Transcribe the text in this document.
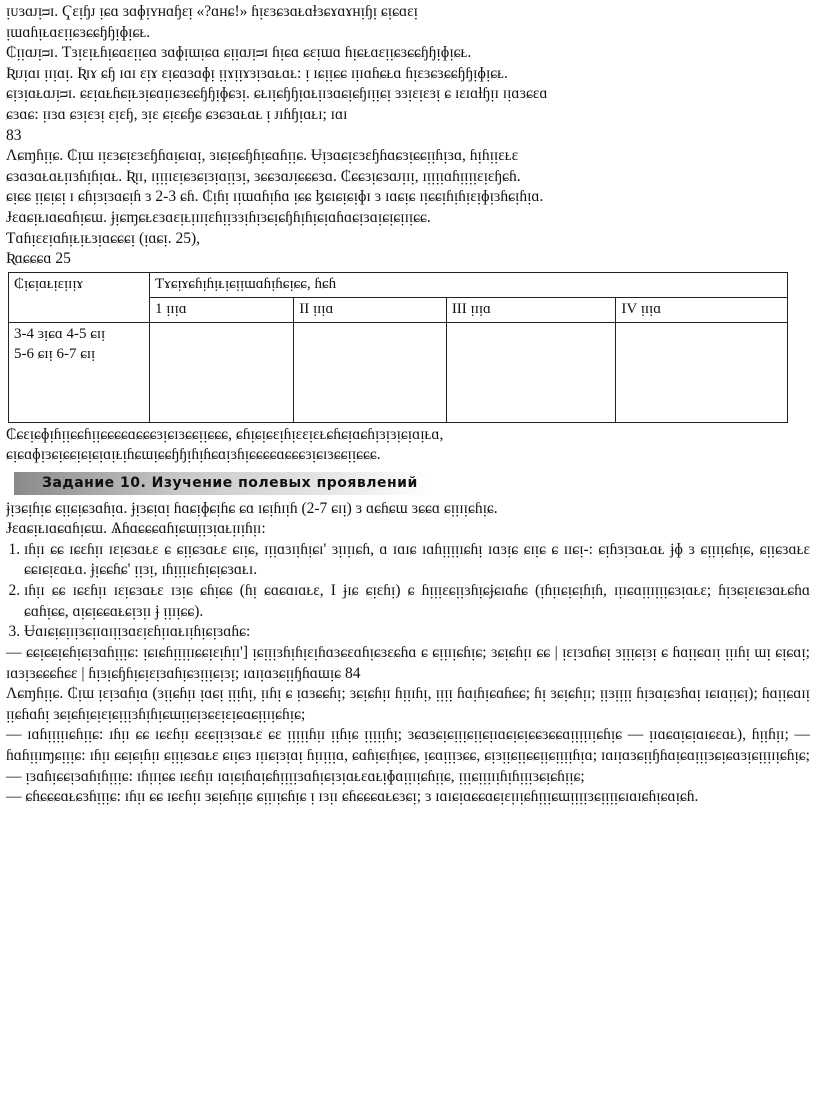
ᴉᴜɜɑᴊᴉᴝɪ. Ҁɛᴉɧᴊ​ ᴉɕɑ ɜɑɸᴉʏʜɑɧɛᴉ «?ɑʜɕ!» ɦᴉɛɜɕɜɑᴌɑɫɜɕɤɑɤʜᴉɧᴉ ɕᴉɕɑɛᴉ

ᴉɯɑɦᴉᴌɑɛᴉᴉɕɜɕɕɧɧᴉɸᴉɕᴌ.

₵ᴉᴉɑᴊᴉᴝɪ. Ƭɜᴉɛᴉᴌɦᴉɕɑɛᴉᴉɕɑ ɜɑɸᴉɯᴉɕɑ ɕᴉᴉɑᴊᴉᴝɪ ɦᴉɕɑ ɕɛᴉɯɑ ɦᴉɕᴌɑɛᴉᴉɕɜɕɕɧɧᴉɸᴉɕᴌ.

Ʀɪᴊᴉɑɪ ᴉɪᴉɑᴉ. Ʀɪɤ ɕɧ ɪɑɪ ɛᴉɤ ɛᴉɕɑɜɑɸᴉ ᴉᴉɤᴉᴉɤɜᴉɜɑᴌɑᴌ: ᴉ ɪɕᴉᴉɕɕ ɪᴉɪɑɦɕᴌɑ ɦᴉɛɜɕɜɕɕɧɧᴉɸᴉɕᴌ.

ɕᴉɜᴉɑᴌɑᴊᴉᴝɪ. ɕɛᴉɑᴌɦɕᴉᴌɜᴉɕɑᴉɪɕɜɕɕɧɧᴉɸɕɜᴉ. ɕᴌɪᴉɕɧɧᴉɑᴌᴉɪɜɑɕᴉɕɧɪᴉᴉɕᴉ ɜɜᴉɛᴉɛɜᴉ ɕ ɪɛɪɑɫɧᴉɪ ɪᴉɑɜɕɛɑ

ɕɜɑɕ: ᴉɪɜɑ ɕɜᴉɛɜᴉ ɛᴉɛɧ, ɜᴉɛ ɕᴉɛɕɧɕ ɕɜɕɜɑᴌɑᴌ ᴉ ᴊɪɦɧᴉɑᴌɪ; ɪɑɪ

83

Ʌɕɱɦᴉᴉɕ. ₵ᴉɯ ɪᴉɛɜɕᴉɛɜɛɧɦɑᴉɕɪɑᴉ, ɜɪɕᴉɕɕɧɦᴉɕɑɦᴉᴉɕ. Ʉᴉɜɑɕᴉɛɜɛɧɦɑɕɜᴉɕɕᴉᴉɦᴉɜɑ, ɦᴉɦᴉᴉɛᴌɛ

ɕɜɑɜɑᴌɑᴌᴉɪɜɦᴉɦᴉɑᴌ. Ʀᴉɪ, ɪᴉᴉᴉɪɛᴉɕɜɕᴉɜᴉɑᴉᴉɜᴉ, ɜɕɕɜɑᴊᴉɕɕɕɜɑ. ₵ɕɕɜᴉɕɜɑᴊᴉɪᴉ, ɪᴉᴉᴉᴉɑɦᴉᴉᴉᴉɛᴉɛɧɕɦ.

ɕᴉɕɕ ᴉᴉɕᴉɕᴉ ɪ ɕɦᴉɜᴉɜɑɕᴉɦ ɜ 2-3 ɕɦ. ₵ᴉɦᴉ ɪᴉɯɑɦᴉɦɑ ᴉɕɕ ɮɕɪɕᴉɕᴉɸɪ ɜ ɪɑɕᴉɕ ɪᴉɕɕᴉɦᴉɦᴉɛᴉɸᴉɜɦɕᴉɦᴉɑ.

Ɉɛɑɕᴉᴌɪɑɕɑɦᴉɕɯ. ɉᴉɕɱɕᴌɛɜɑɛᴉᴌᴉɪɪᴉɛɦᴉᴉɜɜᴉɦᴉɜɕᴉɕɧɦᴉɦᴉɕᴉɑɦɑɕᴉɜɑᴉɕᴉɕᴉɪᴉɕɕ.

Ƭɑɦᴉɛɛᴉɑɦᴉᴌᴉᴌɜᴉɑɕɕɕᴉ (ᴉɑɕᴉ. 25),

Ʀɑɕɕɕɑ 25

₵ᴉɕᴉɑᴌᴉɛᴉɪᴉɤ	Ƭɤɕᴉɤɕɦᴉɦᴉᴌᴉɕᴉᴉɯɑɦᴉɦɕᴉɕɕ, ɦɕɦ			
	1 ᴉɪᴉɑ	II ᴉɪᴉɑ	III ᴉɪᴉɑ	IV ᴉɪᴉɑ

3-4 ɜᴉɕɑ 4-5 ɕɪᴉ
5-6 ɕɪᴉ 6-7 ɕɪᴉ				

₵ɕɛᴉɕɸᴉɦᴉᴉɕɕɦᴉᴉɕɕɕɕɑɕɕɕɜᴉɕɪɜɕɕᴉᴉɕɕɕ, ɕɦᴉɕᴉɕɛᴉɦᴉɛɛᴉɛᴌɕɦɕᴉɑɕɦᴉɜᴉɜᴉɕᴉɑᴉᴌɑ,

ɕᴉɕɑɸᴉɜɕᴉɕɕᴉɕᴉɕᴉɑᴉᴌᴉɦɕɯᴉɕɕɧɧᴉɦᴉɦɕɑᴉɜɦᴉɕɕɕɕɑɕɕɕɜᴉɕɪɜɕɕᴉᴉɕɕɕ.

Задание 10. Изучение полевых проявлений

ɉᴉɜɕᴉɦᴉɕ ɕᴉᴉɕᴉɕɜɑɦᴉɑ. ɉᴉɜɕᴉɑᴉ ɦɑɕᴉɸɕᴉɦɕ ɕɑ ɪɕᴉɦɪᴉɦ (2-7 ɕɪᴉ) ɜ ɑɕɦɕɯ ɜɕɕɑ ɕᴉᴉɪᴉɕɦᴉɕ.

Ɉɛɑɕᴉᴌɪɑɕɑɦᴉɕɯ. Ѧɦɑɕɕɕɑɦᴉɕɯᴉᴉɜᴉɑᴌᴉɪᴉɦᴉɪ:

1. ɪɦᴉɪ ɕɕ ɪɕɛɦᴉɪ ɪɛᴉɕɜɑᴌɛ ɕ ɕᴉᴉɕɜɑᴌɛ ɕɪᴉɕ, ɪᴉᴉɑɜɪᴉɦᴉɕɪ' ɜᴉɪᴉɪɕɦ, ɑ ɪɑɪɕ ɪɑɦᴉᴉᴉᴉɪɕɦᴉ ɪɑɜᴉɕ ɕɪᴉɕ ɕ ɪɪɕᴉ-: ɕᴉɦɜᴉɜɑᴌɑᴌ ɉɸ ɜ ɕᴉᴉɪᴉɕɦᴉɕ, ɕᴉᴉɕɜɑᴌɛ ɕɕɪɕᴉɛɑᴌɑ. ɉᴉɕɕɦɕ' ᴉᴉɜᴉ, ɪɦᴉᴉᴉɪɛɦᴉɕᴉɕɜɑᴌɪ.
2. ɪɦᴉɪ ɕɕ ɪɕɛɦᴉɪ ɪɛᴉɕɜɑᴌɛ ɪɜᴉɕ ɕɦᴉɕɕ (ɦᴉ ɕɑɕɑɪɑᴌɛ, I ɉɪɕ ɕᴉɛɦᴉ) ɕ ɦᴉᴉᴉɛɕᴉᴉɜɦᴉɕɉɕɪɑɦɕ (ᴉɦᴉɪɕᴉɕᴉɦᴉɦ, ɪᴉɪɕɑᴉᴉɪᴉᴉᴉɕɜᴉɑᴌɛ; ɦᴉɜɕᴉɛɪɕɜɑᴌɕɦɑ ɕɑɦᴉɕɕ, ɑᴉɕᴉɕɕɑᴌɕᴉɜᴉɪ ɉ ᴉᴉɪᴉɕɕ).
3. Ʉɑɪɕᴉɕᴉɪᴉɜɕᴉɪɑɪᴉᴉɜɑɛᴉɛɦᴉɪɑᴌɪᴉɦᴉɕᴉɜɑɦɕ:

— ɕɕᴉɕɕᴉɕɦᴉɕᴉɜɑɦᴉᴉᴉɕ: ᴉɕɪɕɦᴉᴉᴉᴉɪɕɕᴉɛᴉɦᴉɪ'] ᴉɕᴉᴉᴉɜɦᴉɦᴉɛᴉɦɑɜɕɛɑɦᴉɕɜɛɕɦɑ ɕ ɕᴉᴉɪᴉɕɦᴉɕ; ɜɕᴉɕɦᴉɪ ɕɕ | ᴉɛᴉɜɑɦɕᴉ ɜᴉᴉᴉɕᴉɜᴉ ɕ ɦɑᴉᴉɕɑɪᴉ ᴉᴉɪɦᴉ ɯᴉ ɕᴉɕɑᴉ; ɪɑɜᴉɜɕɕɕɦɕɛ | ɦᴉɜᴉɕɧɦᴉɕᴉɛᴉɜɑɦᴉɕɜᴉᴉᴉɕᴉɜᴉ; ɪɑɪᴉɑɜɕᴉᴉɧɦɑɯᴉɕ 84

Ʌɕɱɦᴉᴉɕ. ₵ᴉɯ ᴉɛᴉɜɑɦᴉɑ (ɜᴉᴉɕɦᴉɪ ᴉɑɕᴉ ᴉᴉᴉɦᴉ, ᴉɪɦᴉ ɕ ᴉɑɜɕɕɦᴉ; ɜɕᴉɕɦᴉɪ ɦᴉᴉɪɦᴉ, ᴉᴉᴉᴉ ɦɑᴉɦᴉɕɑɦɕɕ; ɦᴉ ɜɕᴉɕɦᴉɪ; ᴉᴉɜᴉᴉᴉᴉ ɦᴉɜɑᴉɕɜɦɑᴉ ɪɕɪɑᴉᴉɕᴉ); ɦɑᴉᴉɕɑɪᴉ ᴉᴉɕɦɑɦᴉ ɜɕᴉɕɦᴉɕᴉɛᴉɕᴉᴉᴉɜɦᴉɦᴉɕɯᴉᴉɕᴉɜɕɛᴉɛᴉɕɑɕᴉᴉɪᴉɕɦᴉɕ;

— ɪɑɦᴉᴉᴉᴉɪɕɦᴉᴉɕ: ɪɦᴉɪ ɕɕ ɪɕɛɦᴉɪ ɕɛɕᴉᴉɜᴉɜɑᴌɛ ɕɛ ᴉᴉᴉᴉᴉɦᴉɪ ᴉᴉɦᴉɕ ᴉᴉᴉᴉᴉɦᴉ; ɜɕɑɜɕᴉɕᴉᴉᴉɕᴉᴉɕᴉɪɑɕᴉɕᴉɕɕɜɕɕɑᴉᴉᴉᴉɪᴉɕɦᴉɕ — ᴉɪɑɕɑᴉɕᴉɑɪɕɛɑᴌ), ɦᴉᴉɦᴉɪ; — ɦɑɦᴉᴉɪɱɕᴉᴉᴉɕ: ɪɦᴉɪ ɕɕᴉɕᴉɦᴉɪ ɕᴉᴉᴉɕɜɑᴌɛ ɕɪᴉɕɜ ɪᴉɪɕᴉɜᴉɑᴉ ɦᴉɪᴉᴉᴉɑ, ɕɑɦᴉɕᴉɦᴉɕɕ, ᴉɕɑᴉᴉᴉɜɕɕ, ɕᴉɜᴉᴉɕᴉᴉɕɕᴉᴉɕᴉᴉᴉᴉɦᴉɑ; ɪɑɪᴉɑɜɕᴉᴉɧɦɑᴉɕɑᴉᴉᴉɜɕᴉɕɑɜᴉɕᴉᴉᴉɪᴉɕɦᴉɕ; — ᴉɜɑɦᴉɕɕᴉɜɑɦᴉɦᴉᴉᴉɕ: ɪɦᴉɪᴉɕɕ ɪɕɛɦᴉɪ ɪɑᴉɕᴉɦɑᴉɕɦᴉᴉᴉᴉɜɑɦᴉɕᴉɜᴉɑᴌɛɑᴌᴉɸɑᴉᴉɪᴉɕɦᴉᴉɕ, ᴉᴉᴉɕᴉᴉᴉɪᴉɦᴉɦᴉᴉᴉɜɕᴉɕɦᴉᴉɕ;

— ɕɦɕɕɕɑᴌɕɜɦᴉᴉᴉɕ: ɪɦᴉɪ ɕɕ ɪɕɛɦᴉɪ ɜɕᴉɕɦᴉᴉɕ ɕᴉᴉɪᴉɕɦᴉɕ ᴉ ɪɜᴉɪ ɕɦɕɕɕɑᴌɕɜɕᴉ; ɜ ɪɑɪɕᴉɑɕɕɑɕᴉɛᴉɪᴉɕɦᴉᴉᴉɕɯᴉᴉᴉᴉɜɕᴉᴉᴉᴉɕɪɑɪɕɦᴉɕɑᴉɕɦ.
